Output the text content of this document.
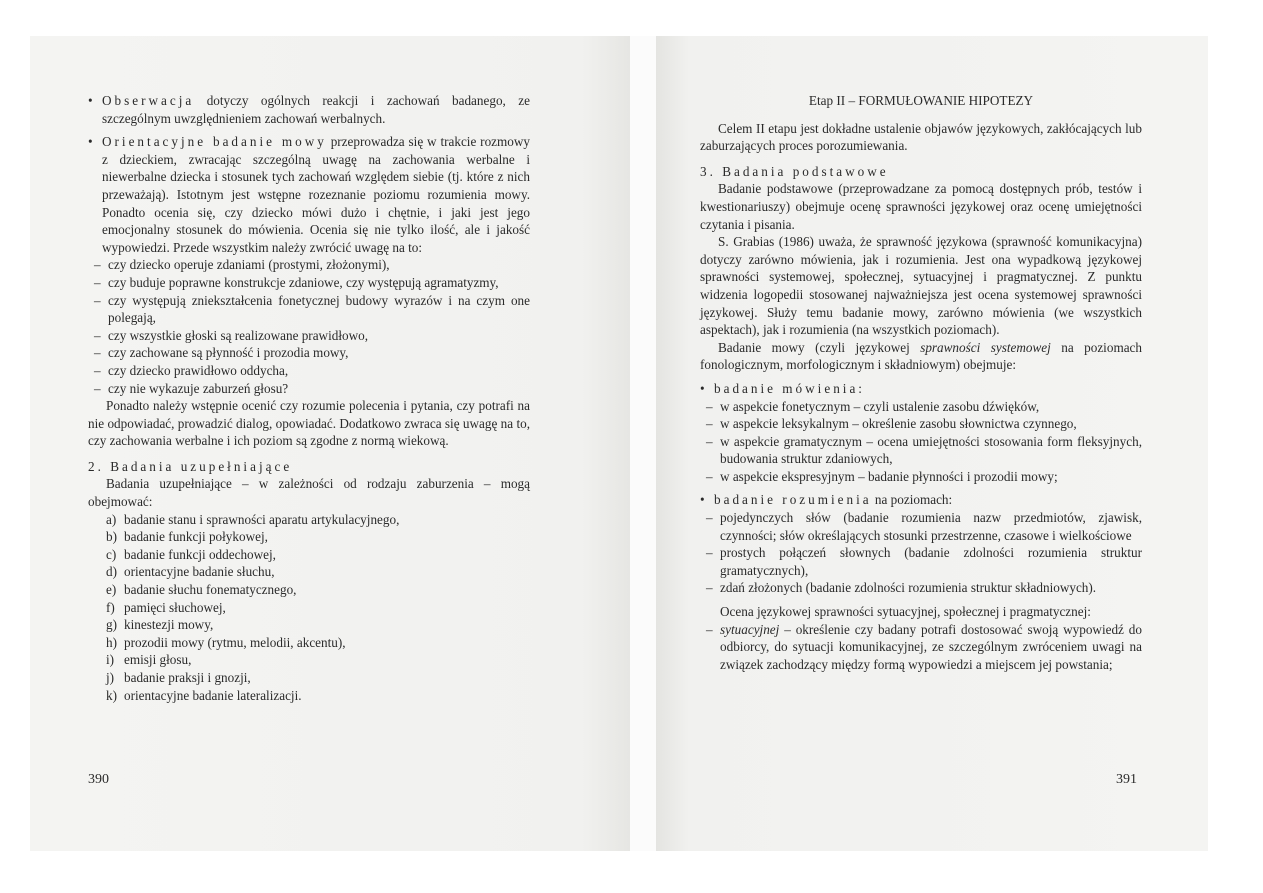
• Obserwacja dotyczy ogólnych reakcji i zachowań badanego, ze szczególnym uwzględnieniem zachowań werbalnych.

• Orientacyjne badanie mowy przeprowadza się w trakcie rozmowy z dzieckiem, zwracając szczególną uwagę na zachowania werbalne i niewerbalne dziecka i stosunek tych zachowań względem siebie (tj. które z nich przeważają). Istotnym jest wstępne rozeznanie poziomu rozumienia mowy. Ponadto ocenia się, czy dziecko mówi dużo i chętnie, i jaki jest jego emocjonalny stosunek do mówienia. Ocenia się nie tylko ilość, ale i jakość wypowiedzi. Przede wszystkim należy zwrócić uwagę na to:

– czy dziecko operuje zdaniami (prostymi, złożonymi),

– czy buduje poprawne konstrukcje zdaniowe, czy występują agramatyzmy,

– czy występują zniekształcenia fonetycznej budowy wyrazów i na czym one polegają,

– czy wszystkie głoski są realizowane prawidłowo,

– czy zachowane są płynność i prozodia mowy,

– czy dziecko prawidłowo oddycha,

– czy nie wykazuje zaburzeń głosu?

Ponadto należy wstępnie ocenić czy rozumie polecenia i pytania, czy potrafi na nie odpowiadać, prowadzić dialog, opowiadać. Dodatkowo zwraca się uwagę na to, czy zachowania werbalne i ich poziom są zgodne z normą wiekową.

2. Badania uzupełniające

Badania uzupełniające – w zależności od rodzaju zaburzenia – mogą obejmować:

a) badanie stanu i sprawności aparatu artykulacyjnego,

b) badanie funkcji połykowej,

c) badanie funkcji oddechowej,

d) orientacyjne badanie słuchu,

e) badanie słuchu fonematycznego,

f) pamięci słuchowej,

g) kinestezji mowy,

h) prozodii mowy (rytmu, melodii, akcentu),

i) emisji głosu,

j) badanie praksji i gnozji,

k) orientacyjne badanie lateralizacji.

390

Etap II – FORMUŁOWANIE HIPOTEZY

Celem II etapu jest dokładne ustalenie objawów językowych, zakłócających lub zaburzających proces porozumiewania.

3. Badania podstawowe

Badanie podstawowe (przeprowadzane za pomocą dostępnych prób, testów i kwestionariuszy) obejmuje ocenę sprawności językowej oraz ocenę umiejętności czytania i pisania.

S. Grabias (1986) uważa, że sprawność językowa (sprawność komunikacyjna) dotyczy zarówno mówienia, jak i rozumienia. Jest ona wypadkową językowej sprawności systemowej, społecznej, sytuacyjnej i pragmatycznej. Z punktu widzenia logopedii stosowanej najważniejsza jest ocena systemowej sprawności językowej. Służy temu badanie mowy, zarówno mówienia (we wszystkich aspektach), jak i rozumienia (na wszystkich poziomach).

Badanie mowy (czyli językowej sprawności systemowej na poziomach fonologicznym, morfologicznym i składniowym) obejmuje:

• badanie mówienia:

– w aspekcie fonetycznym – czyli ustalenie zasobu dźwięków,

– w aspekcie leksykalnym – określenie zasobu słownictwa czynnego,

– w aspekcie gramatycznym – ocena umiejętności stosowania form fleksyjnych, budowania struktur zdaniowych,

– w aspekcie ekspresyjnym – badanie płynności i prozodii mowy;

• badanie rozumienia na poziomach:

– pojedynczych słów (badanie rozumienia nazw przedmiotów, zjawisk, czynności; słów określających stosunki przestrzenne, czasowe i wielkościowe

– prostych połączeń słownych (badanie zdolności rozumienia struktur gramatycznych),

– zdań złożonych (badanie zdolności rozumienia struktur składniowych).

Ocena językowej sprawności sytuacyjnej, społecznej i pragmatycznej:

– sytuacyjnej – określenie czy badany potrafi dostosować swoją wypowiedź do odbiorcy, do sytuacji komunikacyjnej, ze szczególnym zwróceniem uwagi na związek zachodzący między formą wypowiedzi a miejscem jej powstania;

391
